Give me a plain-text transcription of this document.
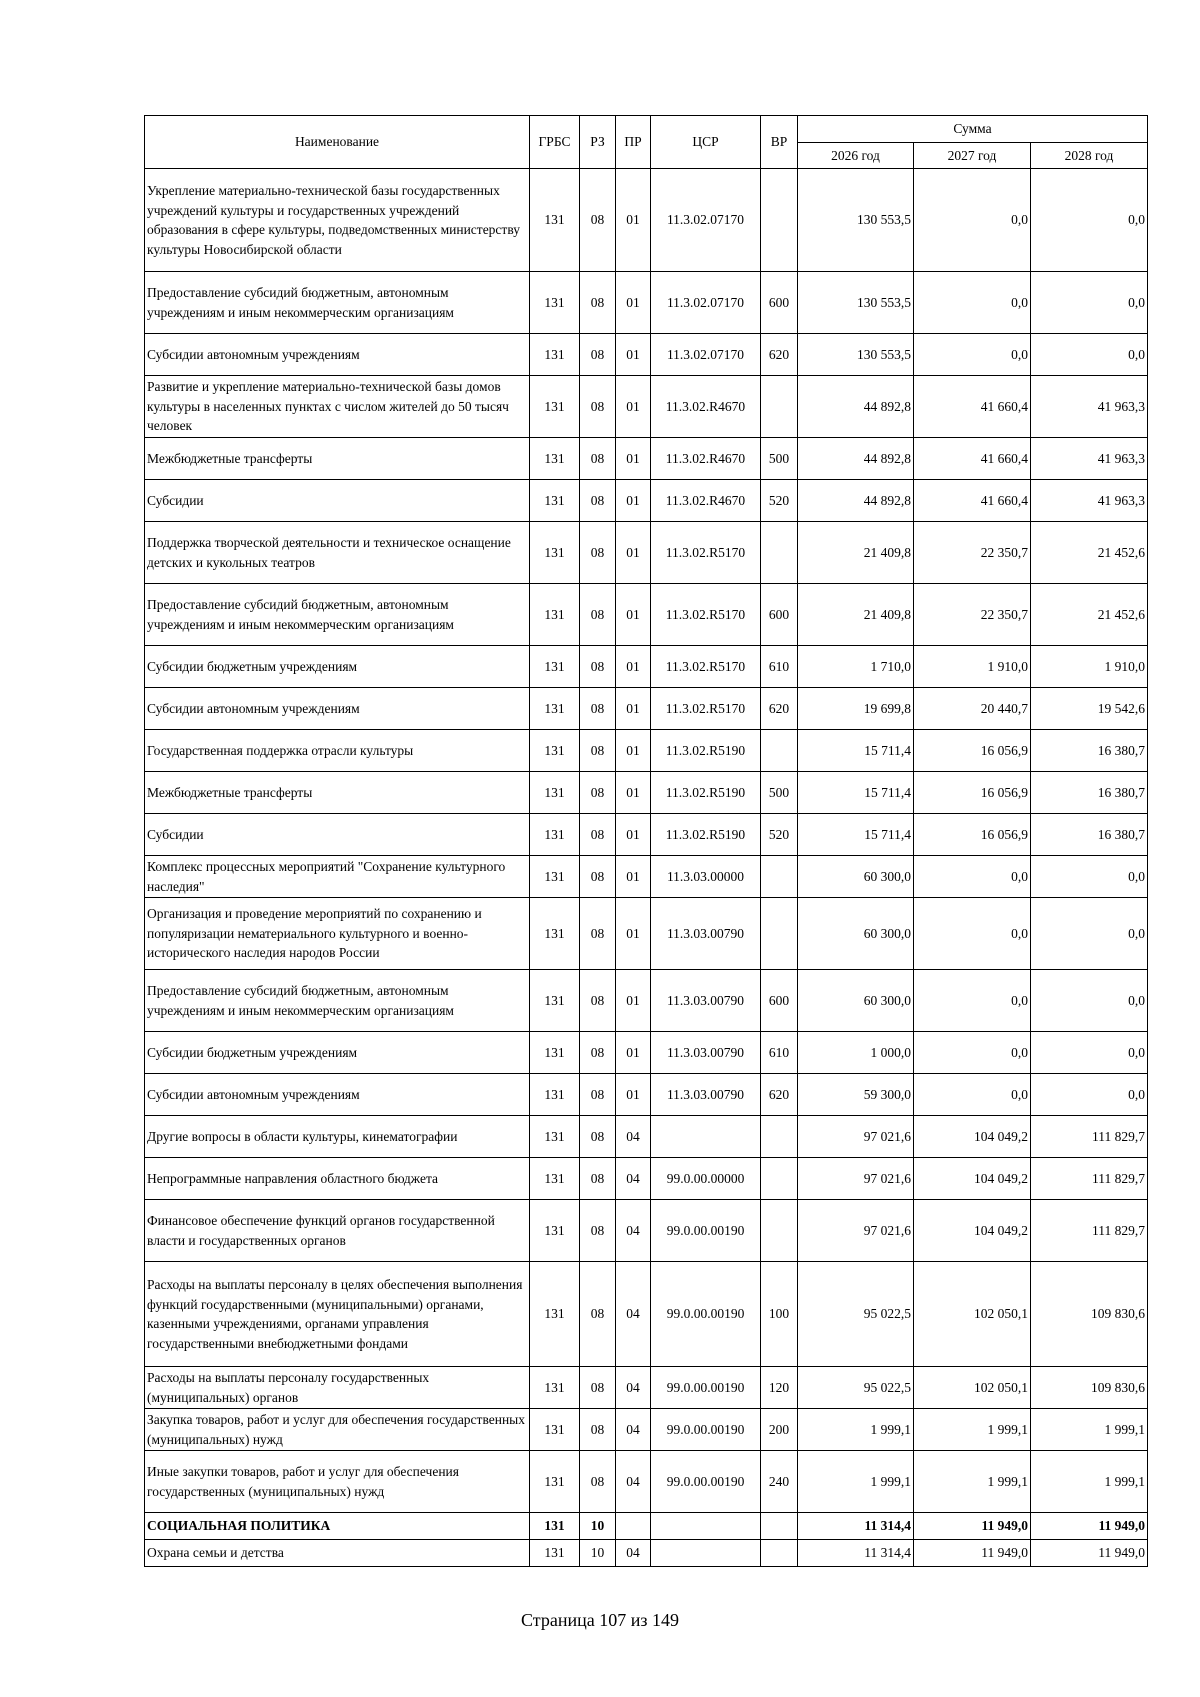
Наименование	ГРБС	РЗ	ПР	ЦСР	ВР	Сумма		
						2026 год	2027 год	2028 год
Укрепление материально-технической базы государственных учреждений культуры и государственных учреждений образования в сфере культуры, подведомственных министерству культуры Новосибирской области	131	08	01	11.3.02.07170		130 553,5	0,0	0,0
Предоставление субсидий бюджетным, автономным учреждениям и иным некоммерческим организациям	131	08	01	11.3.02.07170	600	130 553,5	0,0	0,0
Субсидии автономным учреждениям	131	08	01	11.3.02.07170	620	130 553,5	0,0	0,0
Развитие и укрепление материально-технической базы домов культуры в населенных пунктах с числом жителей до 50 тысяч человек	131	08	01	11.3.02.R4670		44 892,8	41 660,4	41 963,3
Межбюджетные трансферты	131	08	01	11.3.02.R4670	500	44 892,8	41 660,4	41 963,3
Субсидии	131	08	01	11.3.02.R4670	520	44 892,8	41 660,4	41 963,3
Поддержка творческой деятельности и техническое оснащение детских и кукольных театров	131	08	01	11.3.02.R5170		21 409,8	22 350,7	21 452,6
Предоставление субсидий бюджетным, автономным учреждениям и иным некоммерческим организациям	131	08	01	11.3.02.R5170	600	21 409,8	22 350,7	21 452,6
Субсидии бюджетным учреждениям	131	08	01	11.3.02.R5170	610	1 710,0	1 910,0	1 910,0
Субсидии автономным учреждениям	131	08	01	11.3.02.R5170	620	19 699,8	20 440,7	19 542,6
Государственная поддержка отрасли культуры	131	08	01	11.3.02.R5190		15 711,4	16 056,9	16 380,7
Межбюджетные трансферты	131	08	01	11.3.02.R5190	500	15 711,4	16 056,9	16 380,7
Субсидии	131	08	01	11.3.02.R5190	520	15 711,4	16 056,9	16 380,7
Комплекс процессных мероприятий "Сохранение культурного наследия"	131	08	01	11.3.03.00000		60 300,0	0,0	0,0
Организация и проведение мероприятий по сохранению и популяризации нематериального культурного и военно-исторического наследия народов России	131	08	01	11.3.03.00790		60 300,0	0,0	0,0
Предоставление субсидий бюджетным, автономным учреждениям и иным некоммерческим организациям	131	08	01	11.3.03.00790	600	60 300,0	0,0	0,0
Субсидии бюджетным учреждениям	131	08	01	11.3.03.00790	610	1 000,0	0,0	0,0
Субсидии автономным учреждениям	131	08	01	11.3.03.00790	620	59 300,0	0,0	0,0
Другие вопросы в области культуры, кинематографии	131	08	04			97 021,6	104 049,2	111 829,7
Непрограммные направления областного бюджета	131	08	04	99.0.00.00000		97 021,6	104 049,2	111 829,7
Финансовое обеспечение функций органов государственной власти и государственных органов	131	08	04	99.0.00.00190		97 021,6	104 049,2	111 829,7
Расходы на выплаты персоналу в целях обеспечения выполнения функций государственными (муниципальными) органами, казенными учреждениями, органами управления государственными внебюджетными фондами	131	08	04	99.0.00.00190	100	95 022,5	102 050,1	109 830,6
Расходы на выплаты персоналу государственных (муниципальных) органов	131	08	04	99.0.00.00190	120	95 022,5	102 050,1	109 830,6
Закупка товаров, работ и услуг для обеспечения государственных (муниципальных) нужд	131	08	04	99.0.00.00190	200	1 999,1	1 999,1	1 999,1
Иные закупки товаров, работ и услуг для обеспечения государственных (муниципальных) нужд	131	08	04	99.0.00.00190	240	1 999,1	1 999,1	1 999,1
СОЦИАЛЬНАЯ ПОЛИТИКА	131	10				11 314,4	11 949,0	11 949,0
Охрана семьи и детства	131	10	04			11 314,4	11 949,0	11 949,0
Страница 107 из 149
